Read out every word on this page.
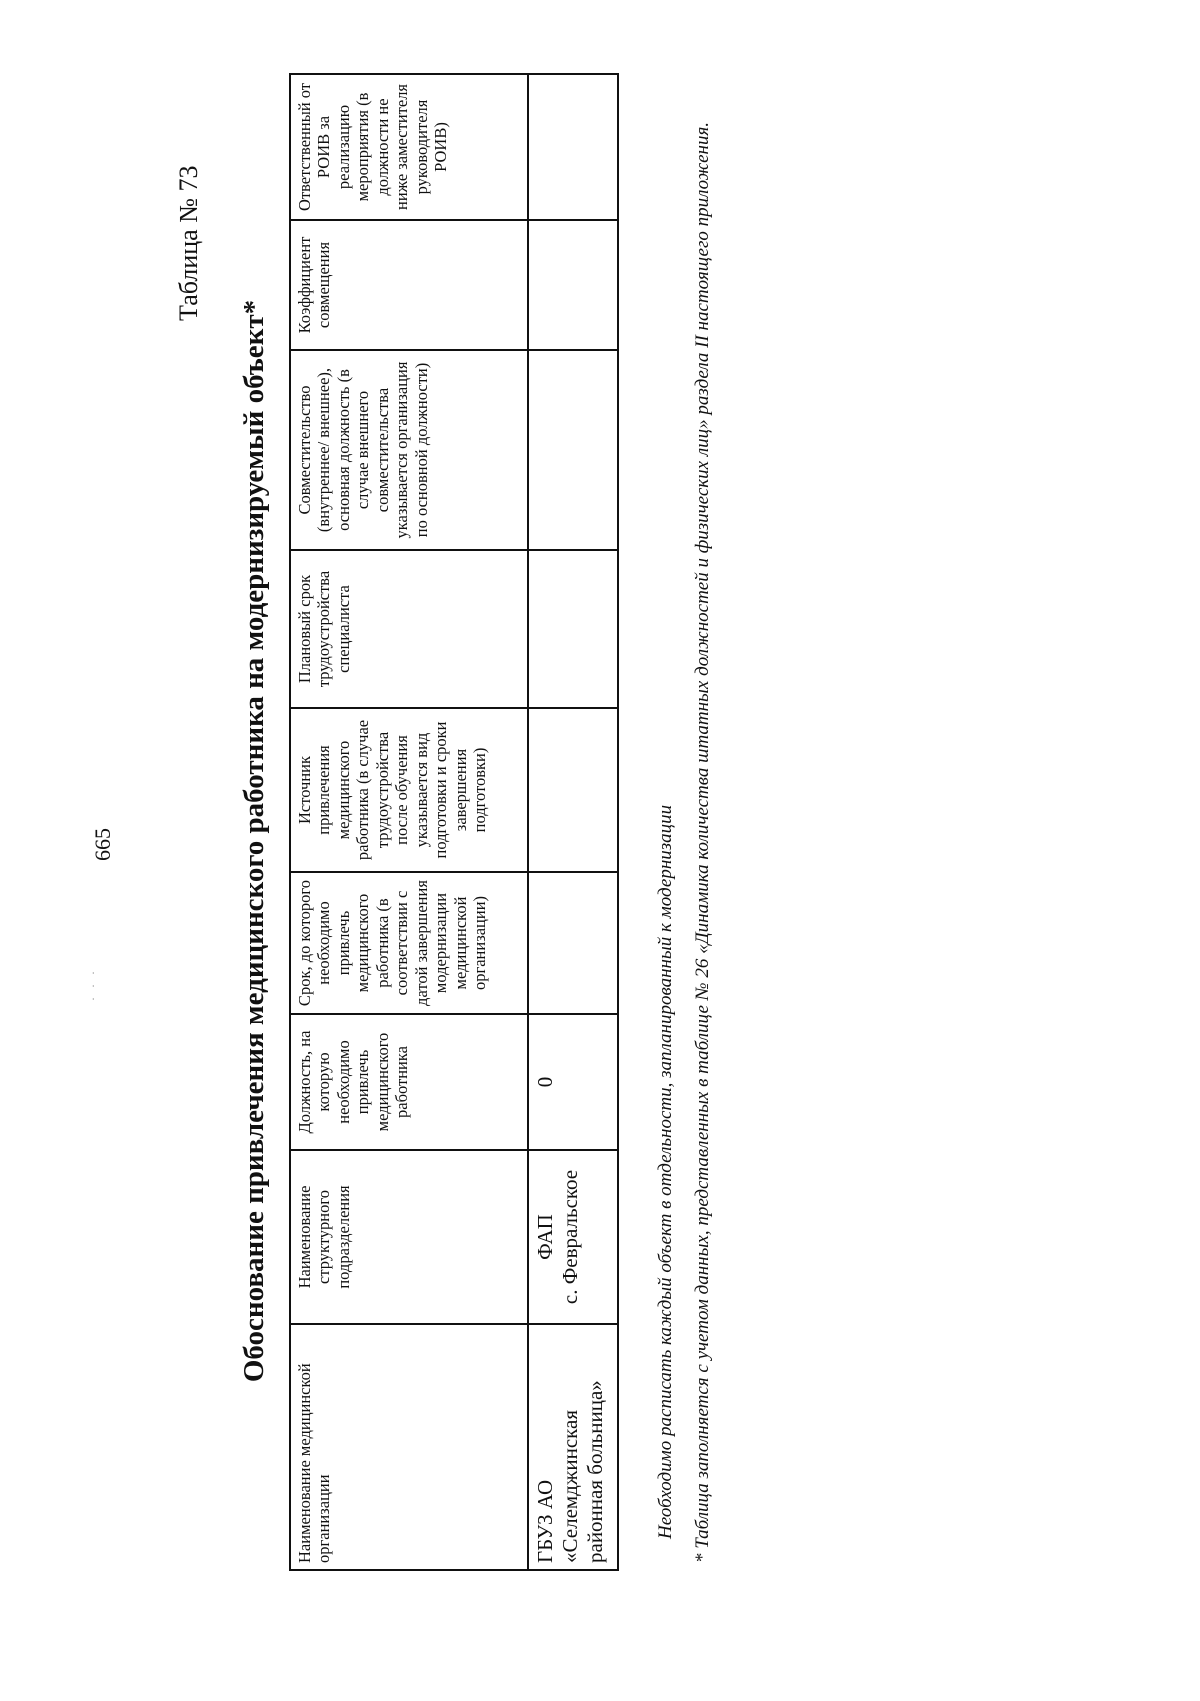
· · ·
665
Таблица № 73
Обоснование привлечения медицинского работника на модернизируемый объект*
Наименование медицинской организации	Наименование структурного подразделения	Должность, на которую необходимо привлечь медицинского работника	Срок, до которого необходимо привлечь медицинского работника (в соответствии с датой завершения модернизации медицинской организации)	Источник привлечения медицинского работника (в случае трудоустройства после обучения указывается вид подготовки и сроки завершения подготовки)	Плановый срок трудоустройства специалиста	Совместительство (внутреннее/ внешнее), основная должность (в случае внешнего совместительства указывается организация по основной должности)	Коэффициент совмещения	Ответственный от РОИВ за реализацию мероприятия (в должности не ниже заместителя руководителя РОИВ)
ГБУЗ АО «Селемджинская районная больница»	ФАП с. Февральское	0							Необходимо расписать каждый объект в отдельности, запланированный к модернизации * Таблица заполняется с учетом данных, представленных в таблице № 26 «Динамика количества штатных должностей и физических лиц» раздела II настоящего приложения.
